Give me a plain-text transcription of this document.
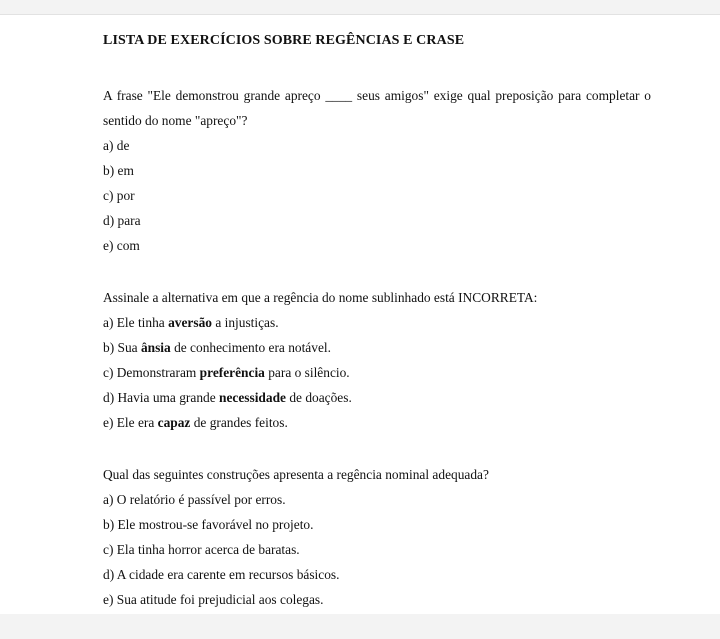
LISTA DE EXERCÍCIOS SOBRE REGÊNCIAS E CRASE

A frase "Ele demonstrou grande apreço ____ seus amigos" exige qual preposição para completar o sentido do nome "apreço"?

a) de
b) em
c) por
d) para
e) com

Assinale a alternativa em que a regência do nome sublinhado está INCORRETA:

a) Ele tinha aversão a injustiças.
b) Sua ânsia de conhecimento era notável.
c) Demonstraram preferência para o silêncio.
d) Havia uma grande necessidade de doações.
e) Ele era capaz de grandes feitos.

Qual das seguintes construções apresenta a regência nominal adequada?

a) O relatório é passível por erros.
b) Ele mostrou-se favorável no projeto.
c) Ela tinha horror acerca de baratas.
d) A cidade era carente em recursos básicos.
e) Sua atitude foi prejudicial aos colegas.
